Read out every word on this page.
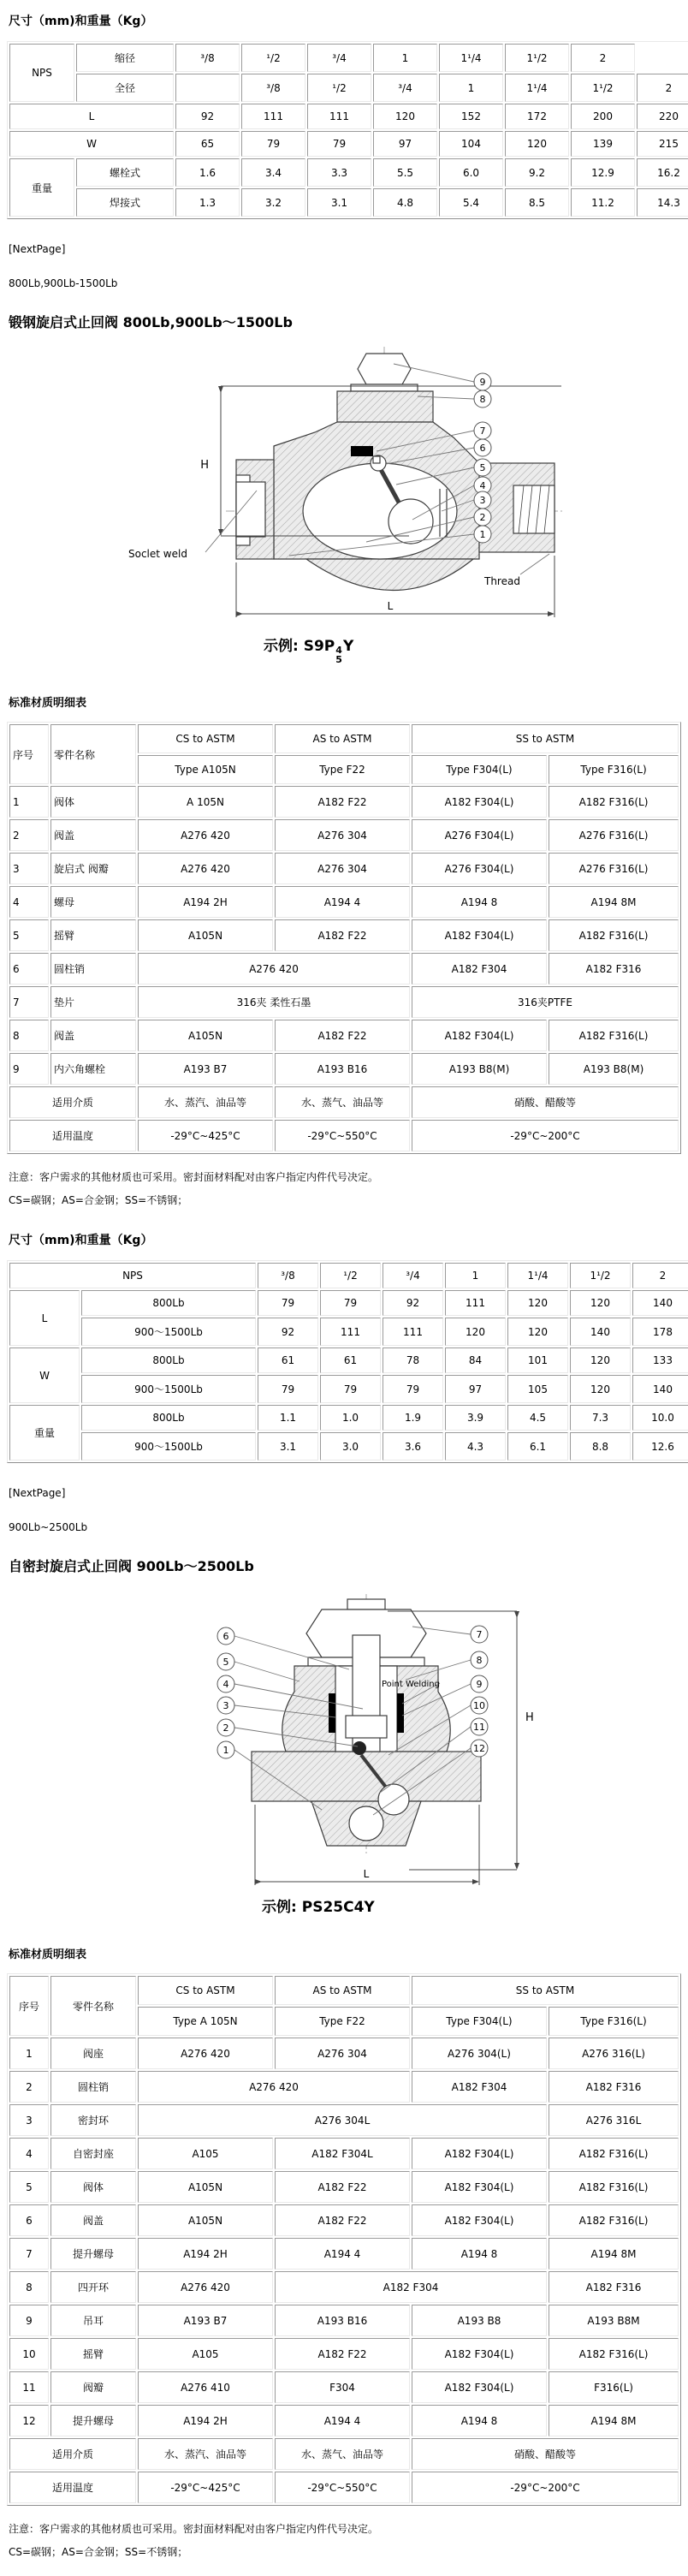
尺寸（mm)和重量（Kg）
NPS	缩径	³/8	¹/2	³/4	1	1¹/4	1¹/2	2	
	全径		³/8	¹/2	³/4	1	1¹/4	1¹/2	2
L		92	111	111	120	152	172	200	220
W		65	79	79	97	104	120	139	215
重量	螺栓式	1.6	3.4	3.3	5.5	6.0	9.2	12.9	16.2
	焊接式	1.3	3.2	3.1	4.8	5.4	8.5	11.2	14.3
[NextPage]
800Lb,900Lb-1500Lb
锻钢旋启式止回阀 800Lb,900Lb～1500Lb
H
L
9
8
7
6
5
4
3
2
1
Soclet weld
Thread
示例: S9P 4
5
Y
标准材质明细表
序号	零件名称	CS to ASTM	AS to ASTM	SS to ASTM	
		Type A105N	Type F22	Type F304(L)	Type F316(L)
1	阀体	A 105N	A182 F22	A182 F304(L)	A182 F316(L)
2	阀盖	A276 420	A276 304	A276 F304(L)	A276 F316(L)
3	旋启式 阀瓣	A276 420	A276 304	A276 F304(L)	A276 F316(L)
4	螺母	A194 2H	A194 4	A194 8	A194 8M
5	摇臂	A105N	A182 F22	A182 F304(L)	A182 F316(L)
6	圆柱销	A276 420		A182 F304	A182 F316
7	垫片	316夹 柔性石墨		316夹PTFE	
8	阀盖	A105N	A182 F22	A182 F304(L)	A182 F316(L)
9	内六角螺栓	A193 B7	A193 B16	A193 B8(M)	A193 B8(M)
适用介质		水、蒸汽、油品等	水、蒸气、油品等	硝酸、醋酸等	
适用温度		-29°C~425°C	-29°C~550°C	-29°C~200°C	
注意：客户需求的其他材质也可采用。密封面材料配对由客户指定内件代号决定。
CS=碳钢；AS=合金钢；SS=不锈钢；
尺寸（mm)和重量（Kg）
NPS		³/8	¹/2	³/4	1	1¹/4	1¹/2	2
L	800Lb	79	79	92	111	120	120	140
	900～1500Lb	92	111	111	120	120	140	178
W	800Lb	61	61	78	84	101	120	133
	900～1500Lb	79	79	79	97	105	120	140
重量	800Lb	1.1	1.0	1.9	3.9	4.5	7.3	10.0
	900～1500Lb	3.1	3.0	3.6	4.3	6.1	8.8	12.6
[NextPage]
900Lb~2500Lb
自密封旋启式止回阀 900Lb～2500Lb
H
L
6
5
4
3
2
1
7
8
9
10
11
12
Point Welding
示例: PS25C4Y
标准材质明细表
序号	零件名称	CS to ASTM	AS to ASTM	SS to ASTM	
		Type A 105N	Type F22	Type F304(L)	Type F316(L)
1	阀座	A276 420	A276 304	A276 304(L)	A276 316(L)
2	圆柱销	A276 420		A182 F304	A182 F316
3	密封环	A276 304L			A276 316L
4	自密封座	A105	A182 F304L	A182 F304(L)	A182 F316(L)
5	阀体	A105N	A182 F22	A182 F304(L)	A182 F316(L)
6	阀盖	A105N	A182 F22	A182 F304(L)	A182 F316(L)
7	提升螺母	A194 2H	A194 4	A194 8	A194 8M
8	四开环	A276 420	A182 F304		A182 F316
9	吊耳	A193 B7	A193 B16	A193 B8	A193 B8M
10	摇臂	A105	A182 F22	A182 F304(L)	A182 F316(L)
11	阀瓣	A276 410	F304	A182 F304(L)	F316(L)
12	提升螺母	A194 2H	A194 4	A194 8	A194 8M
适用介质		水、蒸汽、油品等	水、蒸气、油品等	硝酸、醋酸等	
适用温度		-29°C~425°C	-29°C~550°C	-29°C~200°C	
注意：客户需求的其他材质也可采用。密封面材料配对由客户指定内件代号决定。
CS=碳钢；AS=合金钢；SS=不锈钢；
